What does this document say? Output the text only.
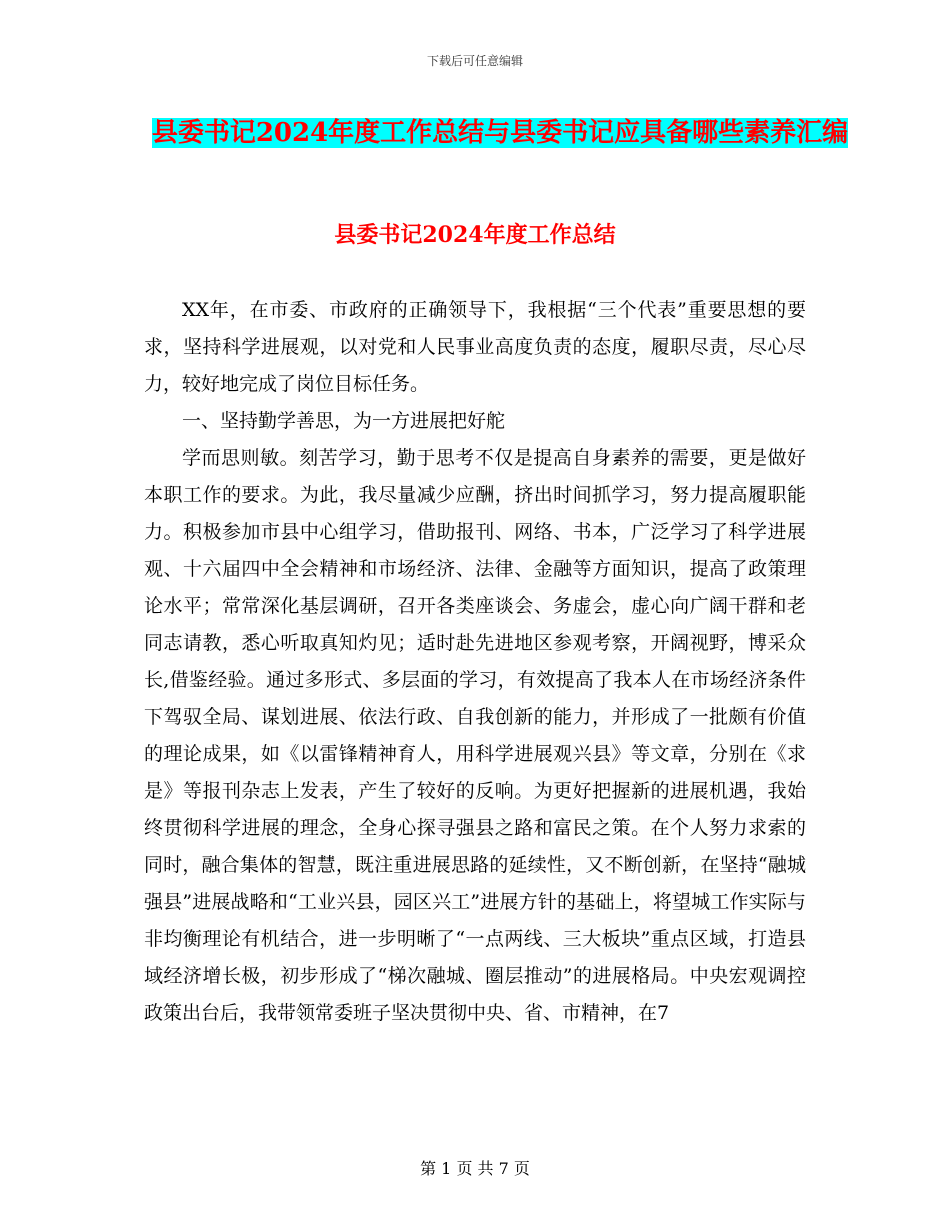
下载后可任意编辑
县委书记2024年度工作总结与县委书记应具备哪些素养汇编
县委书记2024年度工作总结

XX年，在市委、市政府的正确领导下，我根据“三个代表”重要思想的要求，坚持科学进展观，以对党和人民事业高度负责的态度，履职尽责，尽心尽力，较好地完成了岗位目标任务。

一、坚持勤学善思，为一方进展把好舵

学而思则敏。刻苦学习，勤于思考不仅是提高自身素养的需要，更是做好本职工作的要求。为此，我尽量减少应酬，挤出时间抓学习，努力提高履职能力。积极参加市县中心组学习，借助报刊、网络、书本，广泛学习了科学进展观、十六届四中全会精神和市场经济、法律、金融等方面知识，提高了政策理论水平；常常深化基层调研，召开各类座谈会、务虚会，虚心向广阔干群和老同志请教，悉心听取真知灼见；适时赴先进地区参观考察，开阔视野，博采众长,借鉴经验。通过多形式、多层面的学习，有效提高了我本人在市场经济条件下驾驭全局、谋划进展、依法行政、自我创新的能力，并形成了一批颇有价值的理论成果，如《以雷锋精神育人，用科学进展观兴县》等文章，分别在《求是》等报刊杂志上发表，产生了较好的反响。为更好把握新的进展机遇，我始终贯彻科学进展的理念，全身心探寻强县之路和富民之策。在个人努力求索的同时，融合集体的智慧，既注重进展思路的延续性，又不断创新，在坚持“融城强县”进展战略和“工业兴县，园区兴工”进展方针的基础上，将望城工作实际与非均衡理论有机结合，进一步明晰了“一点两线、三大板块”重点区域，打造县域经济增长极，初步形成了“梯次融城、圈层推动”的进展格局。中央宏观调控政策出台后，我带领常委班子坚决贯彻中央、省、市精神，在7

第 1 页 共 7 页
